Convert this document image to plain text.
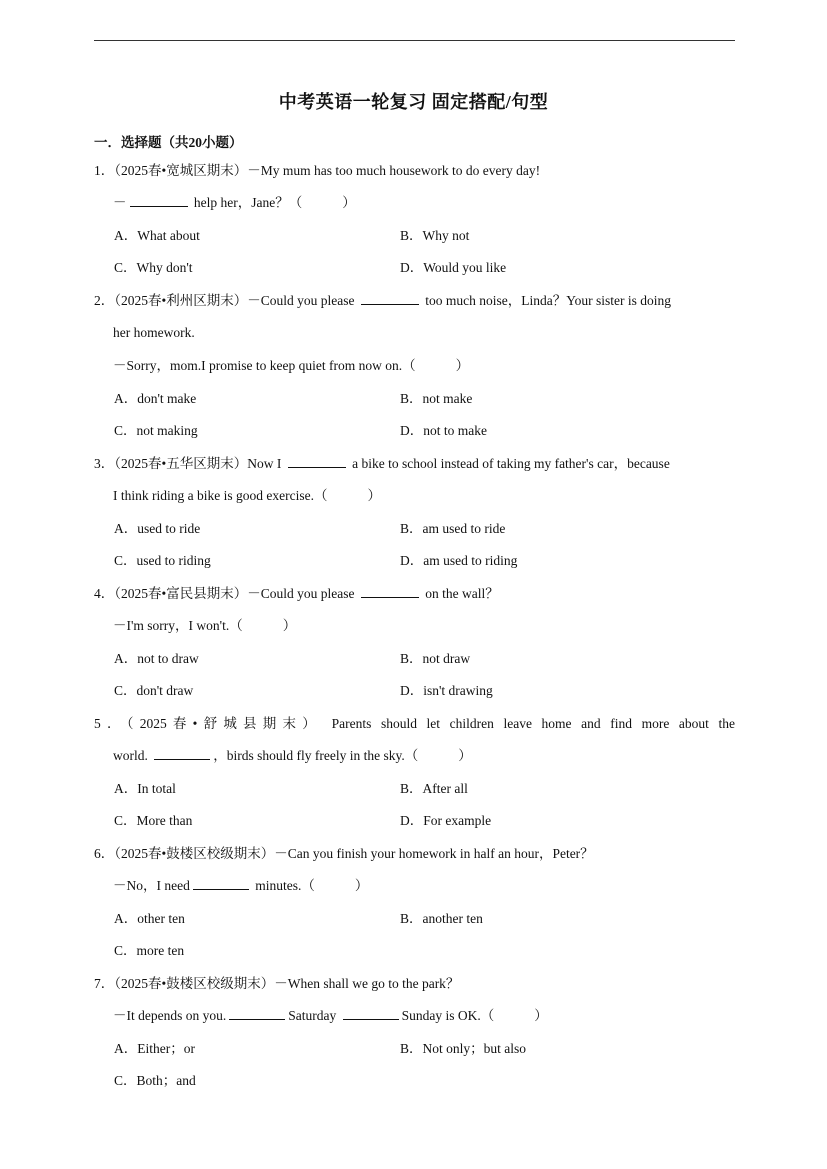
中考英语一轮复习 固定搭配/句型
一．选择题（共20小题）
1．（2025春•宽城区期末）－My mum has too much housework to do every day!
－	help her，Jane？（	）
A．What about	B．Why not
C．Why don't	D．Would you like
2．（2025春•利州区期末）－Could you please	too much noise，Linda？Your sister is doing
her homework.
－Sorry，mom.I promise to keep quiet from now on.（	）
A．don't make	B．not make
C．not making	D．not to make
3．（2025春•五华区期末）Now I	a bike to school instead of taking my father's car，because
I think riding a bike is good exercise.（	）
A．used to ride	B．am used to ride
C．used to riding	D．am used to riding
4．（2025春•富民县期末）－Could you please	on the wall？
－I'm sorry，I won't.（	）
A．not to draw	B．not draw
C．don't draw	D．isn't drawing
5．（2025春•舒城县期末） Parents should let children leave home and find more about the
world.	，birds should fly freely in the sky.（	）
A．In total	B．After all
C．More than	D．For example
6．（2025春•鼓楼区校级期末）－Can you finish your homework in half an hour，Peter？
－No，I need	minutes.（	）
A．other ten	B．another ten
C．more ten
7．（2025春•鼓楼区校级期末）－When shall we go to the park？
－It depends on you.	Saturday	Sunday is OK.（	）
A．Either；or	B．Not only；but also
C．Both；and
